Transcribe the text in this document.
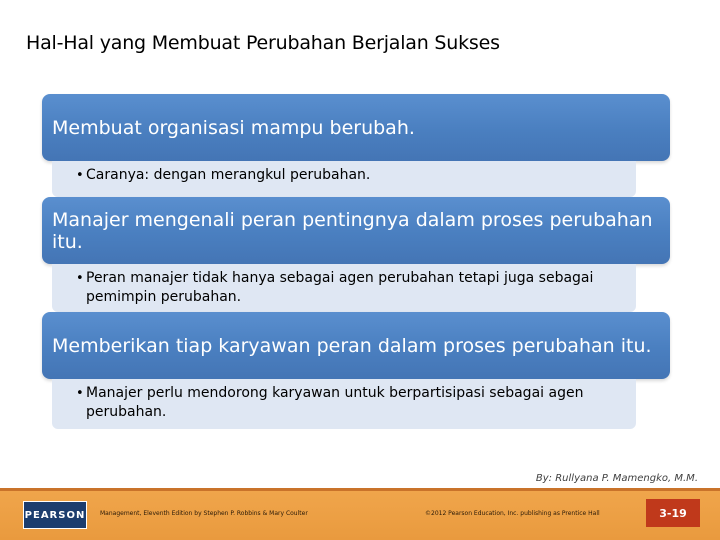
Hal-Hal yang Membuat Perubahan Berjalan Sukses
Membuat organisasi mampu berubah.
• Caranya: dengan merangkul perubahan.
Manajer mengenali peran pentingnya dalam proses perubahan itu.
• Peran manajer tidak hanya sebagai agen perubahan tetapi juga sebagai pemimpin perubahan.
Memberikan tiap karyawan peran dalam proses perubahan itu.
• Manajer perlu mendorong karyawan untuk berpartisipasi sebagai agen perubahan.
By: Rullyana P. Mamengko, M.M.
PEARSON Management, Eleventh Edition by Stephen P. Robbins & Mary Coulter	©2012 Pearson Education, Inc. publishing as Prentice Hall	3-19
